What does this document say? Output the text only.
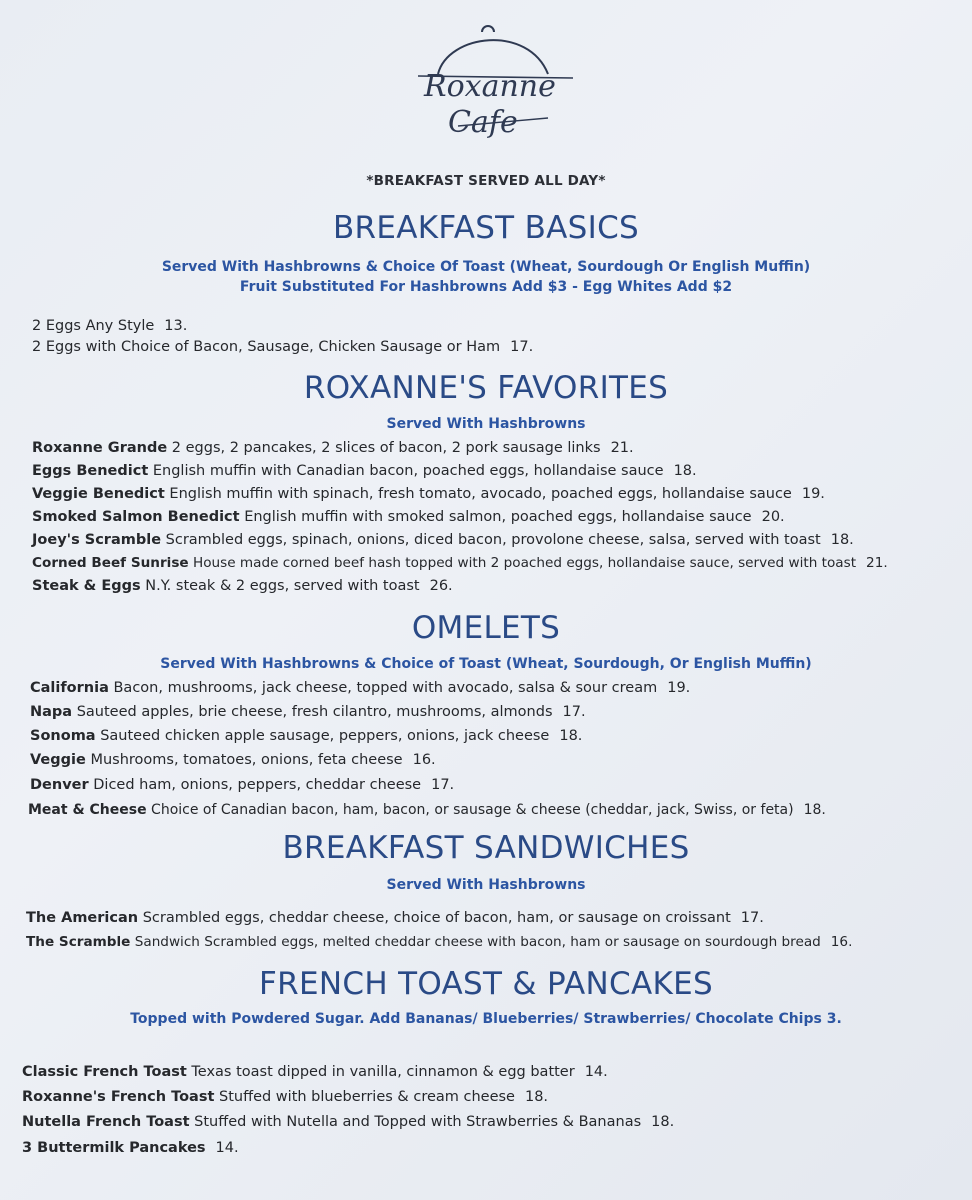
Roxanne
Cafe
*BREAKFAST SERVED ALL DAY*
BREAKFAST BASICS
Served With Hashbrowns & Choice Of Toast (Wheat, Sourdough Or English Muffin)
Fruit Substituted For Hashbrowns Add $3 - Egg Whites Add $2
2 Eggs Any Style 13.
2 Eggs with Choice of Bacon, Sausage, Chicken Sausage or Ham 17.
ROXANNE'S FAVORITES
Served With Hashbrowns
Roxanne Grande 2 eggs, 2 pancakes, 2 slices of bacon, 2 pork sausage links 21.
Eggs Benedict English muffin with Canadian bacon, poached eggs, hollandaise sauce 18.
Veggie Benedict English muffin with spinach, fresh tomato, avocado, poached eggs, hollandaise sauce 19.
Smoked Salmon Benedict English muffin with smoked salmon, poached eggs, hollandaise sauce 20.
Joey's Scramble Scrambled eggs, spinach, onions, diced bacon, provolone cheese, salsa, served with toast 18.
Corned Beef Sunrise House made corned beef hash topped with 2 poached eggs, hollandaise sauce, served with toast 21.
Steak & Eggs N.Y. steak & 2 eggs, served with toast 26.
OMELETS
Served With Hashbrowns & Choice of Toast (Wheat, Sourdough, Or English Muffin)
California Bacon, mushrooms, jack cheese, topped with avocado, salsa & sour cream 19.
Napa Sauteed apples, brie cheese, fresh cilantro, mushrooms, almonds 17.
Sonoma Sauteed chicken apple sausage, peppers, onions, jack cheese 18.
Veggie Mushrooms, tomatoes, onions, feta cheese 16.
Denver Diced ham, onions, peppers, cheddar cheese 17.
Meat & Cheese Choice of Canadian bacon, ham, bacon, or sausage & cheese (cheddar, jack, Swiss, or feta) 18.
BREAKFAST SANDWICHES
Served With Hashbrowns
The American Scrambled eggs, cheddar cheese, choice of bacon, ham, or sausage on croissant 17.
The Scramble Sandwich Scrambled eggs, melted cheddar cheese with bacon, ham or sausage on sourdough bread 16.
FRENCH TOAST & PANCAKES
Topped with Powdered Sugar. Add Bananas/ Blueberries/ Strawberries/ Chocolate Chips 3.
Classic French Toast Texas toast dipped in vanilla, cinnamon & egg batter 14.
Roxanne's French Toast Stuffed with blueberries & cream cheese 18.
Nutella French Toast Stuffed with Nutella and Topped with Strawberries & Bananas 18.
3 Buttermilk Pancakes 14.
